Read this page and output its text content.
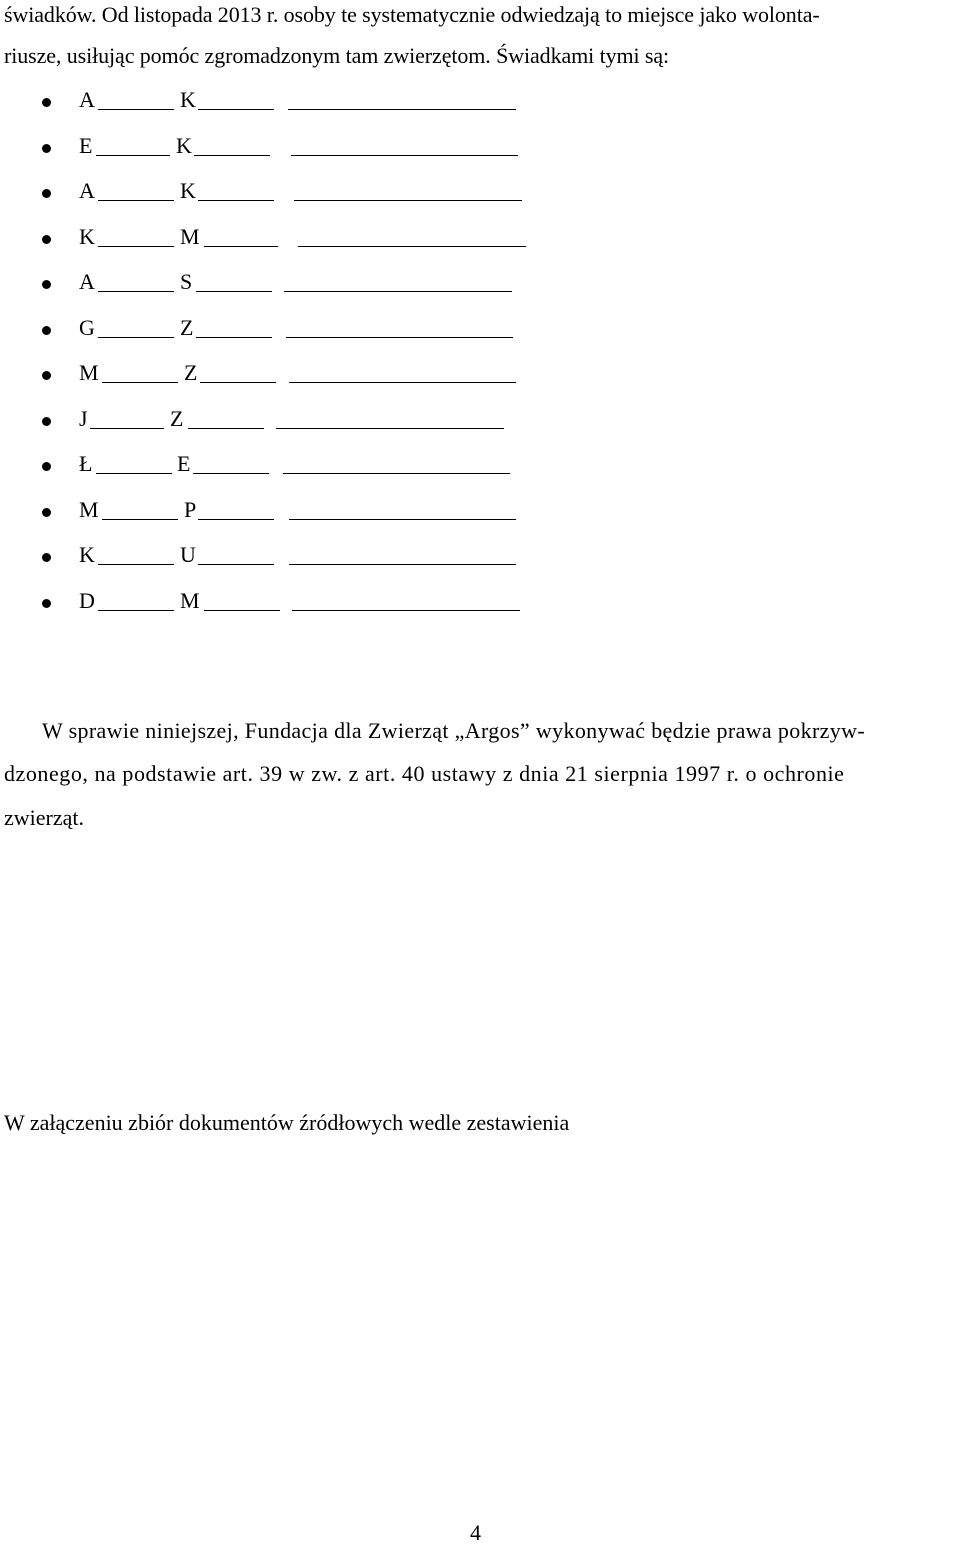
świadków. Od listopada 2013 r. osoby te systematycznie odwiedzają to miejsce jako wolonta-
riusze, usiłując pomóc zgromadzonym tam zwierzętom. Świadkami tymi są:
A	K
E	K
A	K
K	M
A	S
G	Z
M	Z
J	Z
Ł	E
M	P
K	U
D	M
W sprawie niniejszej, Fundacja dla Zwierząt „Argos” wykonywać będzie prawa pokrzyw-
dzonego, na podstawie art. 39 w zw. z art. 40 ustawy z dnia 21 sierpnia 1997 r. o ochronie
zwierząt.
W załączeniu zbiór dokumentów źródłowych wedle zestawienia
4
